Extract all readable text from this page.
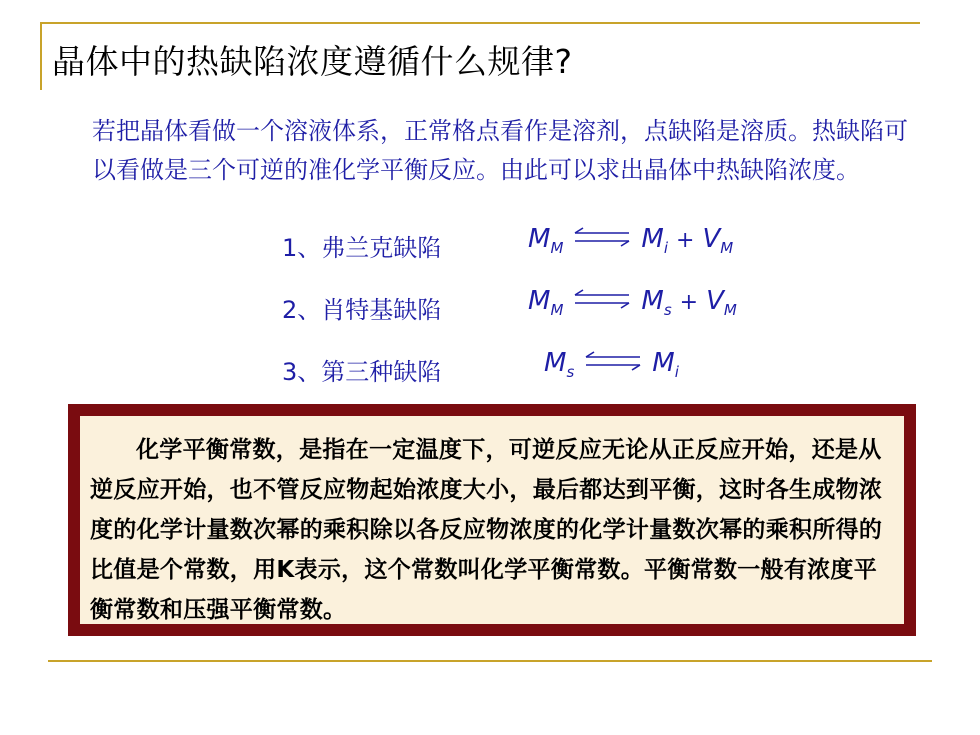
晶体中的热缺陷浓度遵循什么规律?

若把晶体看做一个溶液体系，正常格点看作是溶剂，点缺陷是溶质。热缺陷可以看做是三个可逆的准化学平衡反应。由此可以求出晶体中热缺陷浓度。

1、弗兰克缺陷	$M_M$	$M_i + V_M$
2、肖特基缺陷	$M_M$	$M_s + V_M$
3、第三种缺陷	$M_s$	$M_i$

化学平衡常数，是指在一定温度下，可逆反应无论从正反应开始，还是从逆反应开始，也不管反应物起始浓度大小，最后都达到平衡，这时各生成物浓度的化学计量数次幂的乘积除以各反应物浓度的化学计量数次幂的乘积所得的比值是个常数，用K表示，这个常数叫化学平衡常数。平衡常数一般有浓度平衡常数和压强平衡常数。
